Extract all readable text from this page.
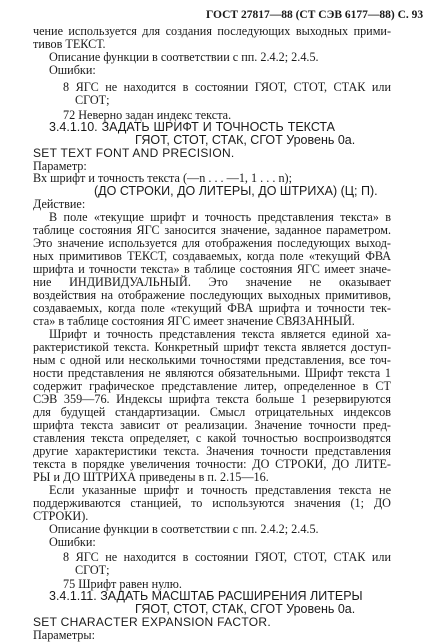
ГОСТ 27817—88 (СТ СЭВ 6177—88) С. 93
чение используется для создания последующих выходных прими-
тивов ТЕКСТ.
Описание функции в соответствии с пп. 2.4.2; 2.4.5.
Ошибки:
8 ЯГС не находится в состоянии ГЯОТ, СТОТ, СТАК или
СГОТ;
72 Неверно задан индекс текста.
3.4.1.10. ЗАДАТЬ ШРИФТ И ТОЧНОСТЬ ТЕКСТА
ГЯОТ, СТОТ, СТАК, СГОТ Уровень 0а.
SET TEXT FONT AND PRECISION.
Параметр:
Вх шрифт и точность текста (—n . . . —1, 1 . . . n);
(ДО СТРОКИ, ДО ЛИТЕРЫ, ДО ШТРИХА) (Ц; П).
Действие:
В поле «текущие шрифт и точность представления текста» в
таблице состояния ЯГС заносится значение, заданное параметром.
Это значение используется для отображения последующих выход-
ных примитивов ТЕКСТ, создаваемых, когда поле «текущий ФВА
шрифта и точности текста» в таблице состояния ЯГС имеет значе-
ние ИНДИВИДУАЛЬНЫЙ. Это значение не оказывает
воздействия на отображение последующих выходных примитивов,
создаваемых, когда поле «текущий ФВА шрифта и точности тек-
ста» в таблице состояния ЯГС имеет значение СВЯЗАННЫЙ.
Шрифт и точность представления текста является единой ха-
рактеристикой текста. Конкретный шрифт текста является доступ-
ным с одной или несколькими точностями представления, все точ-
ности представления не являются обязательными. Шрифт текста 1
содержит графическое представление литер, определенное в СТ
СЭВ 359—76. Индексы шрифта текста больше 1 резервируются
для будущей стандартизации. Смысл отрицательных индексов
шрифта текста зависит от реализации. Значение точности пред-
ставления текста определяет, с какой точностью воспроизводятся
другие характеристики текста. Значения точности представления
текста в порядке увеличения точности: ДО СТРОКИ, ДО ЛИТЕ-
РЫ и ДО ШТРИХА приведены в п. 2.15—16.
Если указанные шрифт и точность представления текста не
поддерживаются станцией, то используются значения (1; ДО
СТРОКИ).
Описание функции в соответствии с пп. 2.4.2; 2.4.5.
Ошибки:
8 ЯГС не находится в состоянии ГЯОТ, СТОТ, СТАК или
СГОТ;
75 Шрифт равен нулю.
3.4.1.11. ЗАДАТЬ МАСШТАБ РАСШИРЕНИЯ ЛИТЕРЫ
ГЯОТ, СТОТ, СТАК, СГОТ Уровень 0а.
SET CHARACTER EXPANSION FACTOR.
Параметры:
